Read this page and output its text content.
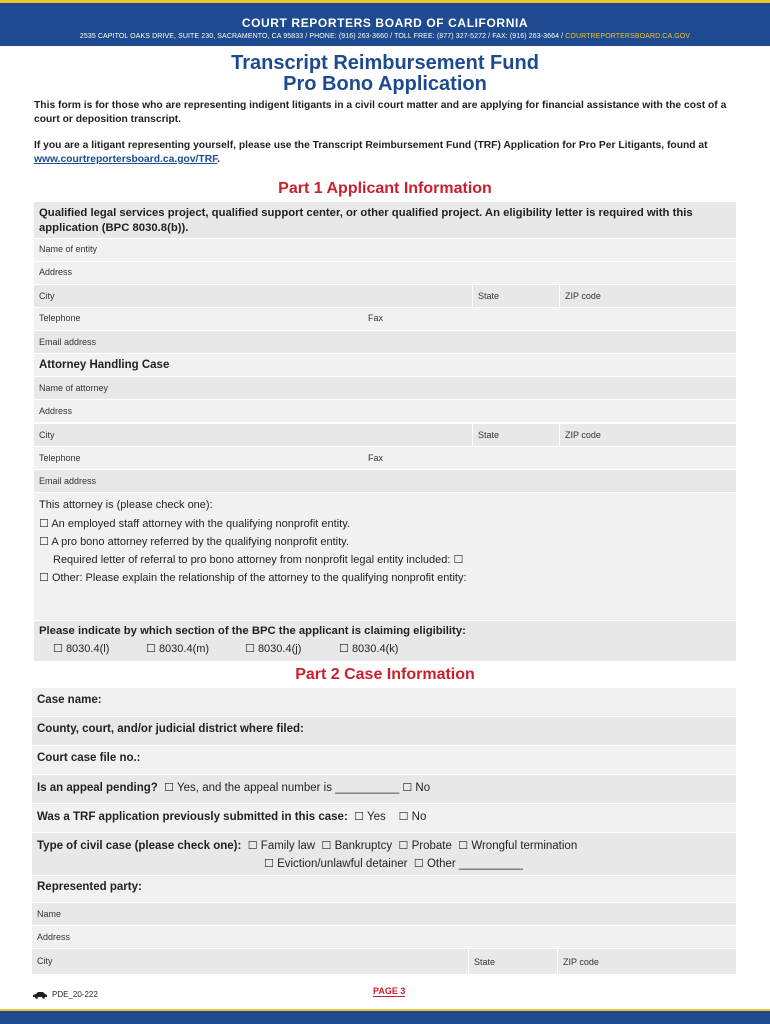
COURT REPORTERS BOARD OF CALIFORNIA
2535 CAPITOL OAKS DRIVE, SUITE 230, SACRAMENTO, CA 95833 / PHONE: (916) 263-3660 / TOLL FREE: (877) 327-5272 / FAX: (916) 263-3664 / COURTREPORTERSBOARD.CA.GOV
Transcript Reimbursement Fund
Pro Bono Application
This form is for those who are representing indigent litigants in a civil court matter and are applying for financial assistance with the cost of a court or deposition transcript.
If you are a litigant representing yourself, please use the Transcript Reimbursement Fund (TRF) Application for Pro Per Litigants, found at www.courtreportersboard.ca.gov/TRF.
Part 1 Applicant Information
Qualified legal services project, qualified support center, or other qualified project. An eligibility letter is required with this application (BPC 8030.8(b)).
Name of entity
Address
City	State	ZIP code
Telephone	Fax
Email address
Attorney Handling Case
Name of attorney
Address
City	State	ZIP code
Telephone	Fax
Email address
This attorney is (please check one):
☐ An employed staff attorney with the qualifying nonprofit entity.
☐ A pro bono attorney referred by the qualifying nonprofit entity.
Required letter of referral to pro bono attorney from nonprofit legal entity included: ☐
☐ Other: Please explain the relationship of the attorney to the qualifying nonprofit entity:
Please indicate by which section of the BPC the applicant is claiming eligibility:
☐ 8030.4(l)	☐ 8030.4(m)	☐ 8030.4(j)	☐ 8030.4(k)
Part 2 Case Information
Case name:
County, court, and/or judicial district where filed:
Court case file no.:
Is an appeal pending? ☐ Yes, and the appeal number is __________ ☐ No
Was a TRF application previously submitted in this case: ☐ Yes ☐ No
Type of civil case (please check one): ☐ Family law ☐ Bankruptcy ☐ Probate ☐ Wrongful termination
☐ Eviction/unlawful detainer ☐ Other __________
Represented party:
Name
Address
City	State	ZIP code
PDE_20-222	PAGE 3
